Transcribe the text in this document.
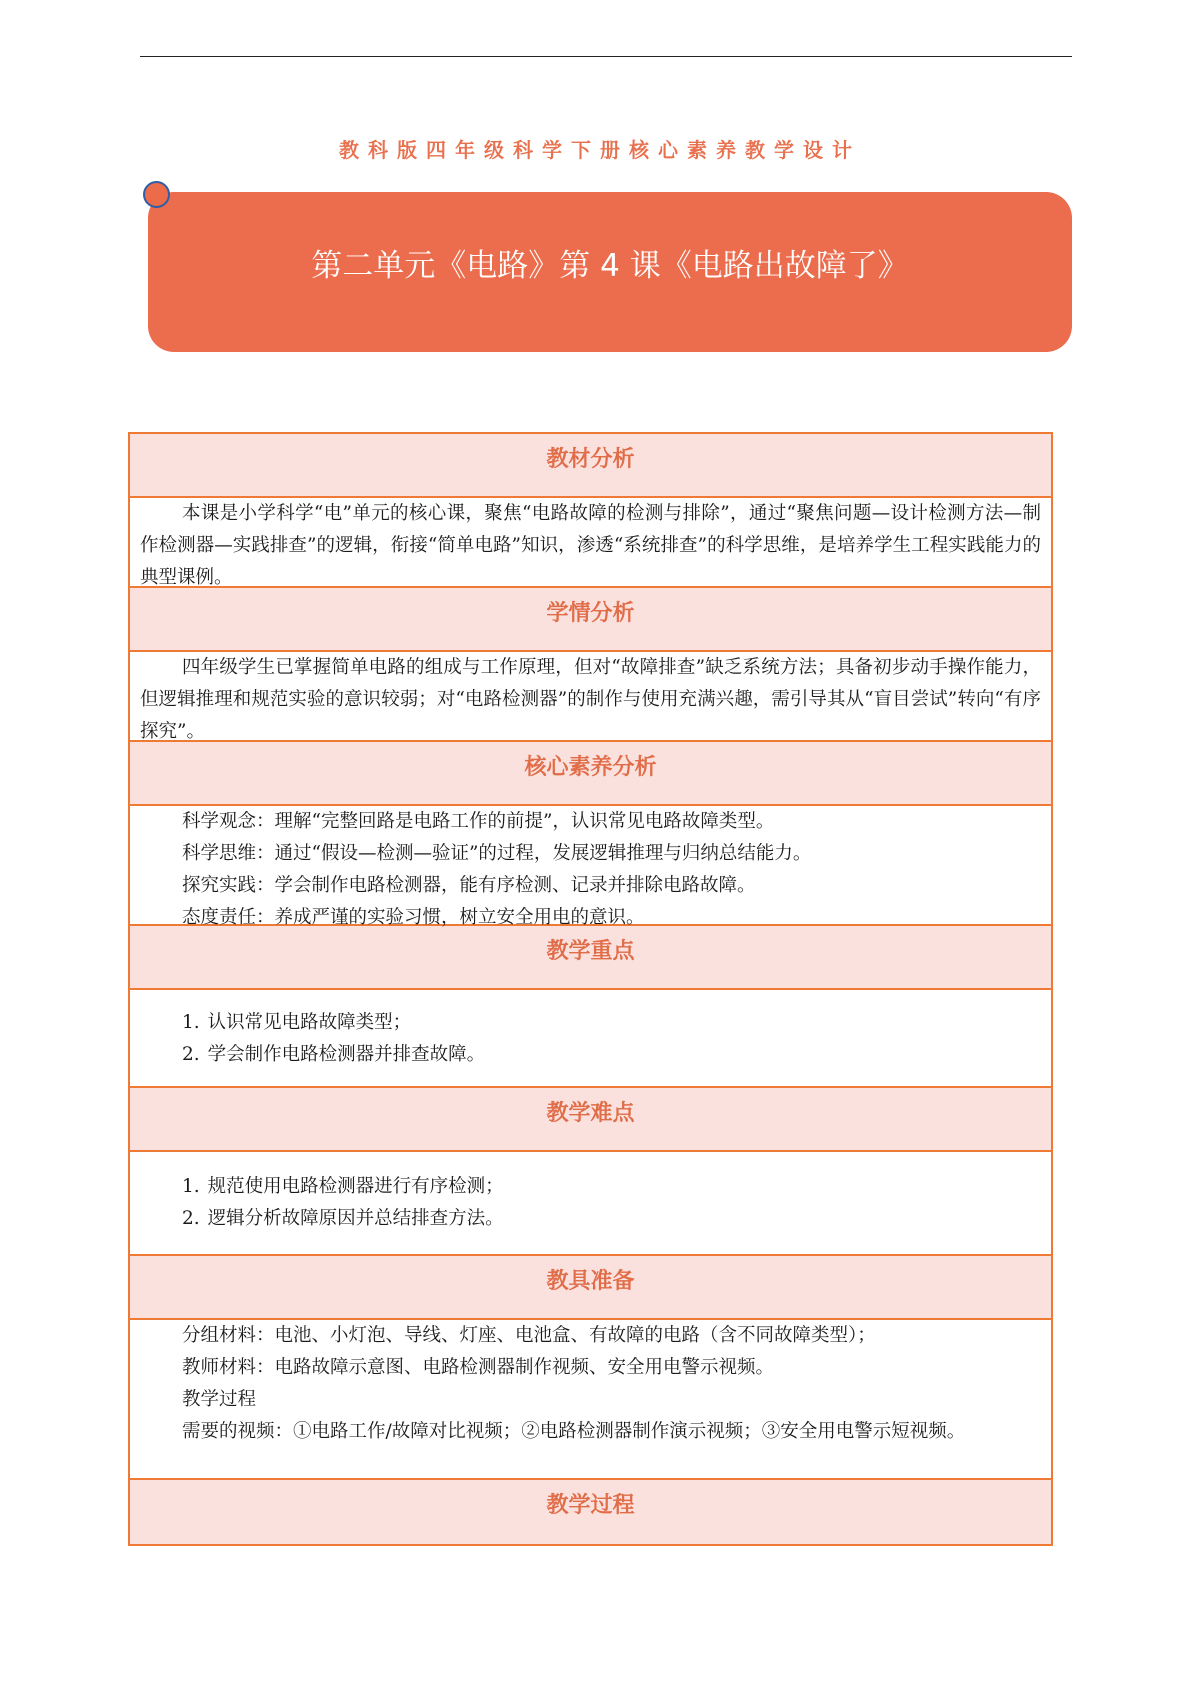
教科版四年级科学下册核心素养教学设计
第二单元《电路》第 4 课《电路出故障了》
教材分析

本课是小学科学“电”单元的核心课，聚焦“电路故障的检测与排除”，通过“聚焦问题—设计检测方法—制作检测器—实践排查”的逻辑，衔接“简单电路”知识，渗透“系统排查”的科学思维，是培养学生工程实践能力的典型课例。

学情分析

四年级学生已掌握简单电路的组成与工作原理，但对“故障排查”缺乏系统方法；具备初步动手操作能力，但逻辑推理和规范实验的意识较弱；对“电路检测器”的制作与使用充满兴趣，需引导其从“盲目尝试”转向“有序探究”。

核心素养分析

科学观念：理解“完整回路是电路工作的前提”，认识常见电路故障类型。

科学思维：通过“假设—检测—验证”的过程，发展逻辑推理与归纳总结能力。

探究实践：学会制作电路检测器，能有序检测、记录并排除电路故障。

态度责任：养成严谨的实验习惯，树立安全用电的意识。

教学重点

1. 认识常见电路故障类型；

2. 学会制作电路检测器并排查故障。

教学难点

1. 规范使用电路检测器进行有序检测；

2. 逻辑分析故障原因并总结排查方法。

教具准备

分组材料：电池、小灯泡、导线、灯座、电池盒、有故障的电路（含不同故障类型）；

教师材料：电路故障示意图、电路检测器制作视频、安全用电警示视频。

教学过程

需要的视频：①电路工作/故障对比视频；②电路检测器制作演示视频；③安全用电警示短视频。

教学过程
